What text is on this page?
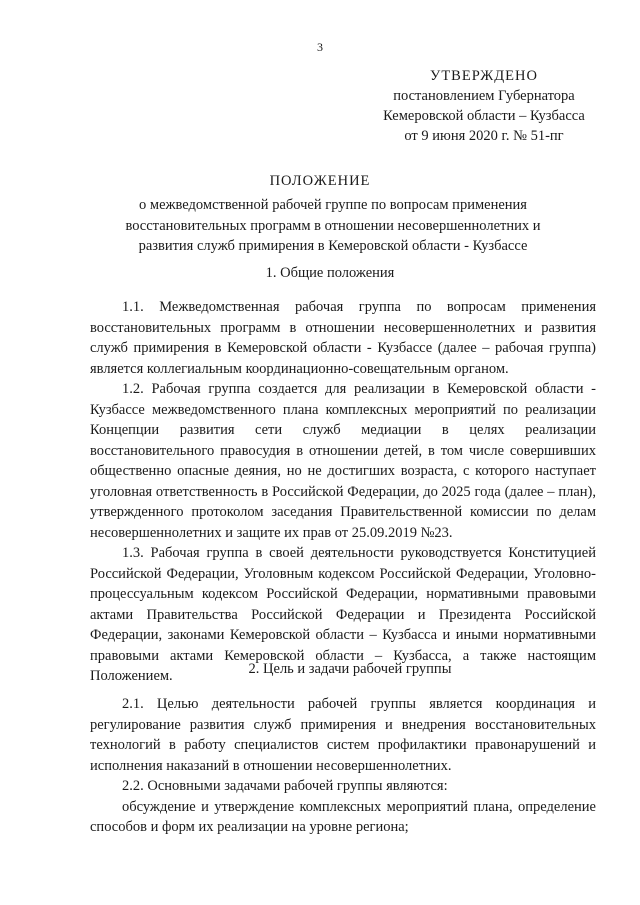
3
УТВЕРЖДЕНО
постановлением Губернатора
Кемеровской области – Кузбасса
от 9 июня 2020 г. № 51-пг
ПОЛОЖЕНИЕ
о межведомственной рабочей группе по вопросам применения восстановительных программ в отношении несовершеннолетних и развития служб примирения в Кемеровской области - Кузбассе
1. Общие положения

1.1. Межведомственная рабочая группа по вопросам применения восстановительных программ в отношении несовершеннолетних и развития служб примирения в Кемеровской области - Кузбассе (далее – рабочая группа) является коллегиальным координационно-совещательным органом.

1.2. Рабочая группа создается для реализации в Кемеровской области - Кузбассе межведомственного плана комплексных мероприятий по реализации Концепции развития сети служб медиации в целях реализации восстановительного правосудия в отношении детей, в том числе совершивших общественно опасные деяния, но не достигших возраста, с которого наступает уголовная ответственность в Российской Федерации, до 2025 года (далее – план), утвержденного протоколом заседания Правительственной комиссии по делам несовершеннолетних и защите их прав от 25.09.2019 №23.

1.3. Рабочая группа в своей деятельности руководствуется Конституцией Российской Федерации, Уголовным кодексом Российской Федерации, Уголовно-процессуальным кодексом Российской Федерации, нормативными правовыми актами Правительства Российской Федерации и Президента Российской Федерации, законами Кемеровской области – Кузбасса и иными нормативными правовыми актами Кемеровской области – Кузбасса, а также настоящим Положением.	2. Цель и задачи рабочей группы

2.1. Целью деятельности рабочей группы является координация и регулирование развития служб примирения и внедрения восстановительных технологий в работу специалистов систем профилактики правонарушений и исполнения наказаний в отношении несовершеннолетних.

2.2. Основными задачами рабочей группы являются:

обсуждение и утверждение комплексных мероприятий плана, определение способов и форм их реализации на уровне региона;
